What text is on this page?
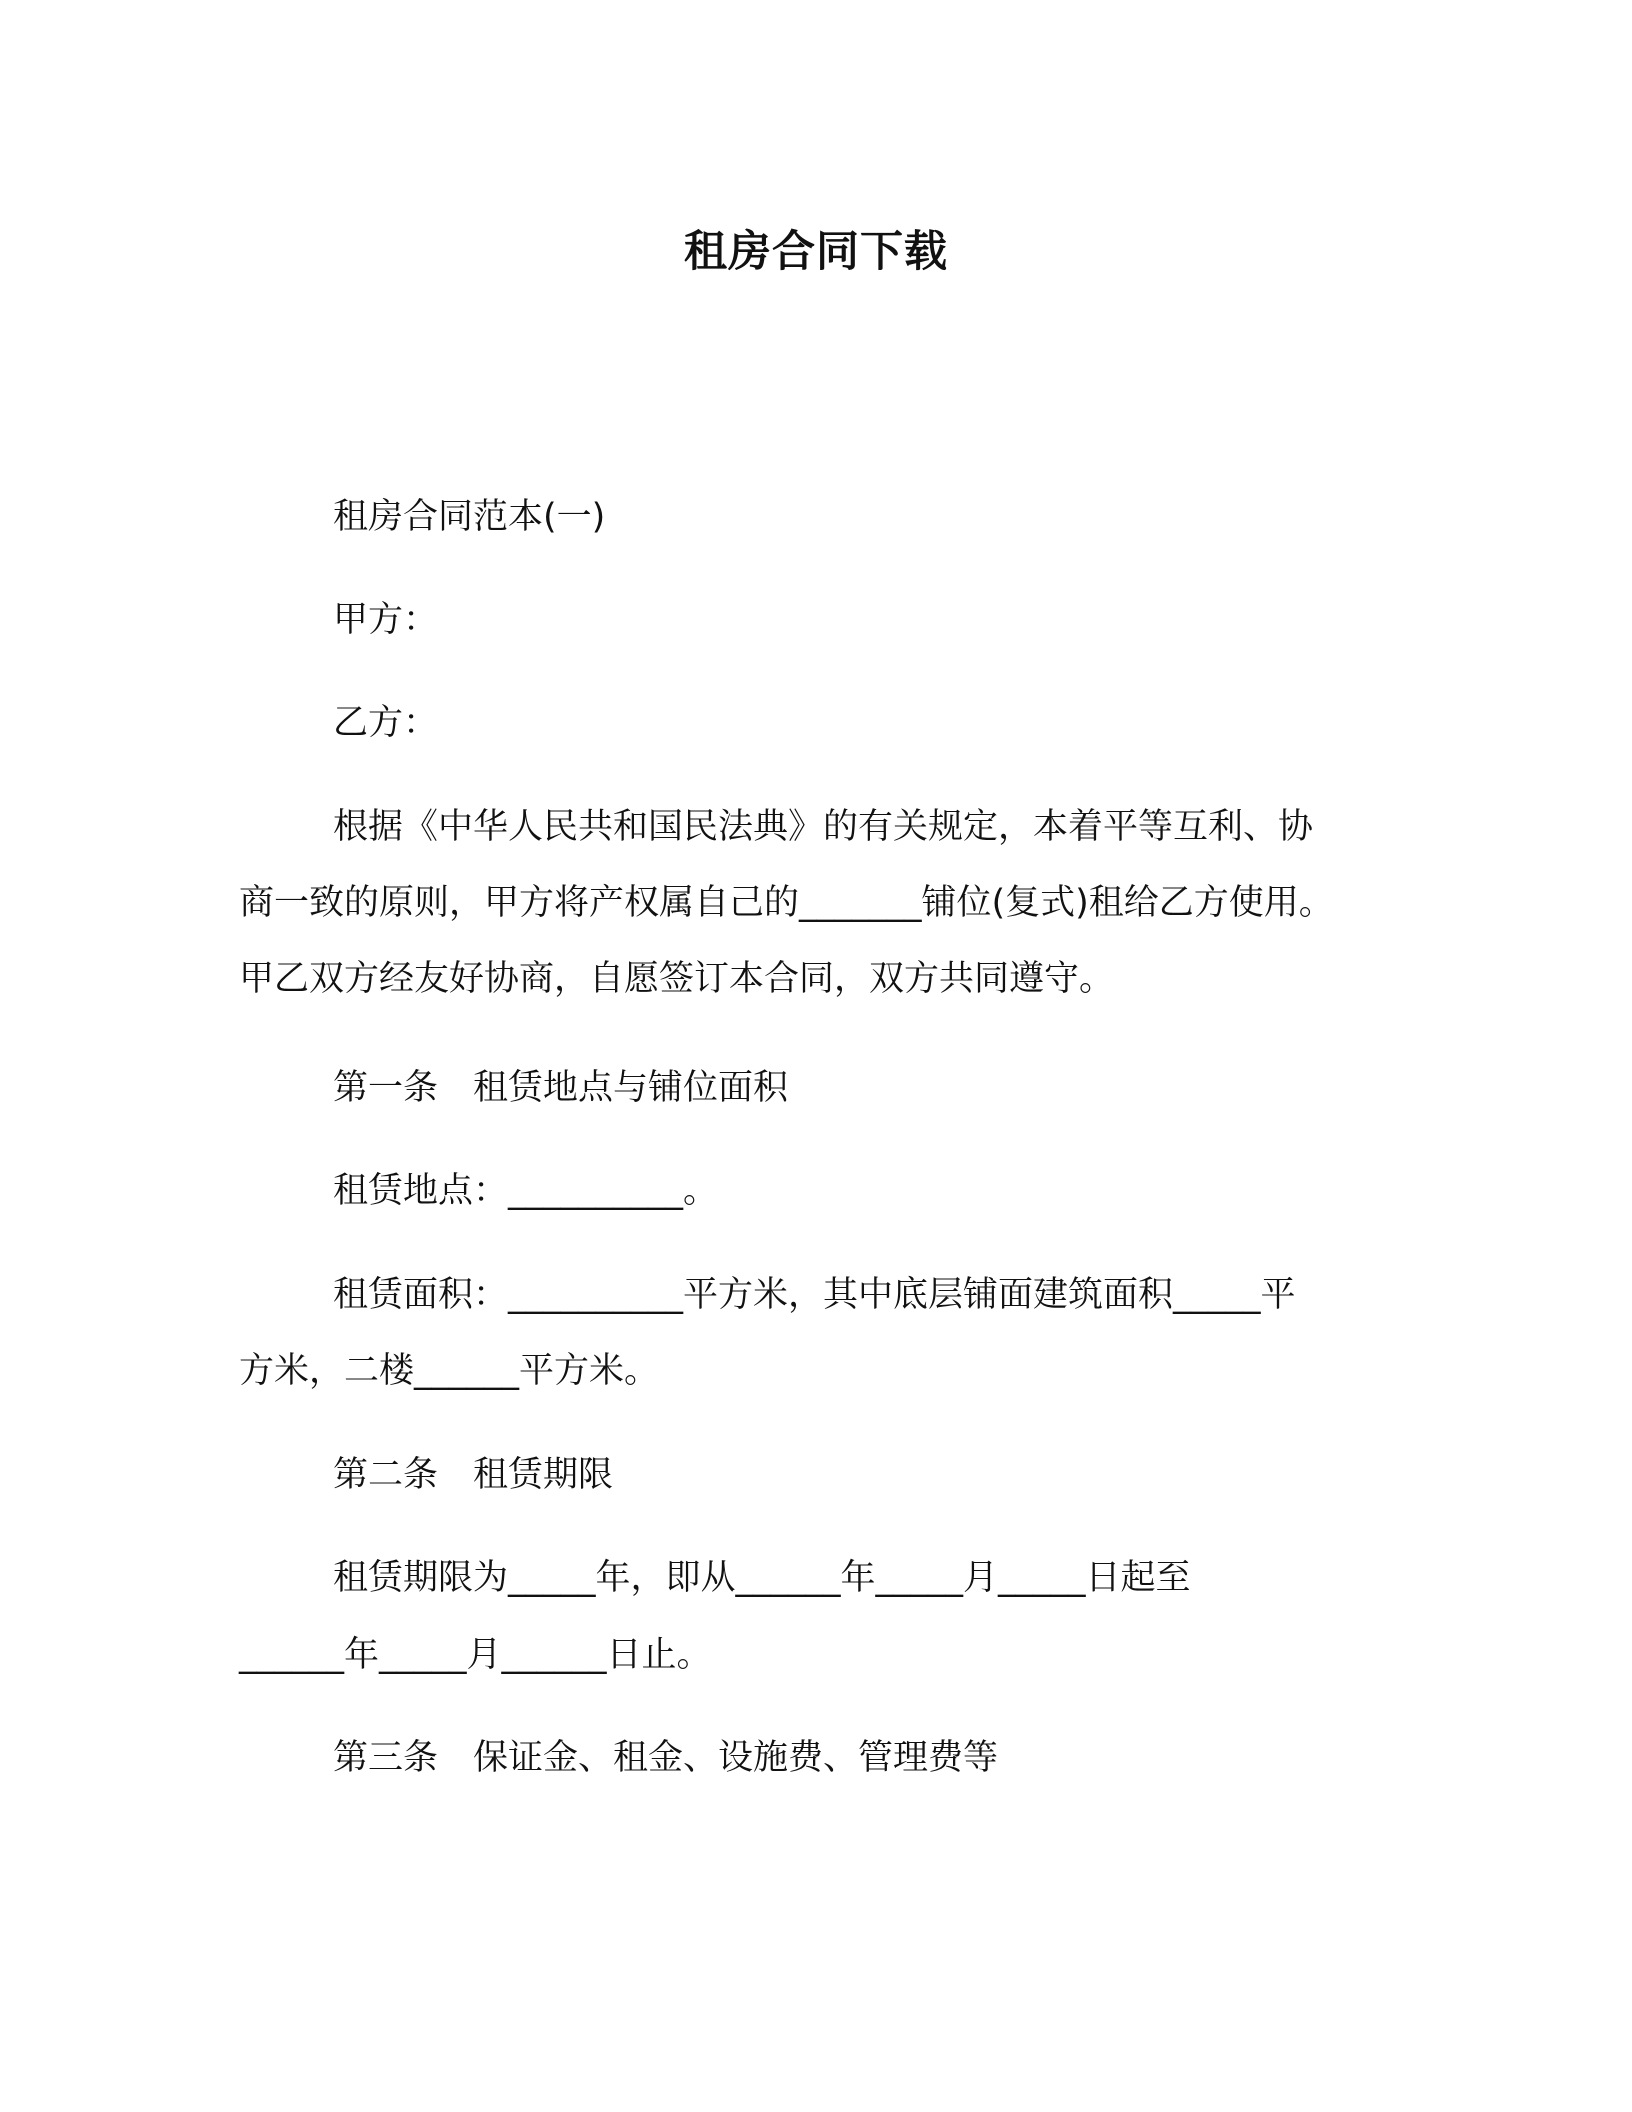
租房合同下载
租房合同范本(一)
甲方：
乙方：
根据《中华人民共和国民法典》的有关规定，本着平等互利、协
商一致的原则，甲方将产权属自己的_______铺位(复式)租给乙方使用。
甲乙双方经友好协商，自愿签订本合同，双方共同遵守。
第一条　租赁地点与铺位面积
租赁地点：__________。
租赁面积：__________平方米，其中底层铺面建筑面积_____平
方米，二楼______平方米。
第二条　租赁期限
租赁期限为_____年，即从______年_____月_____日起至
______年_____月______日止。
第三条　保证金、租金、设施费、管理费等
